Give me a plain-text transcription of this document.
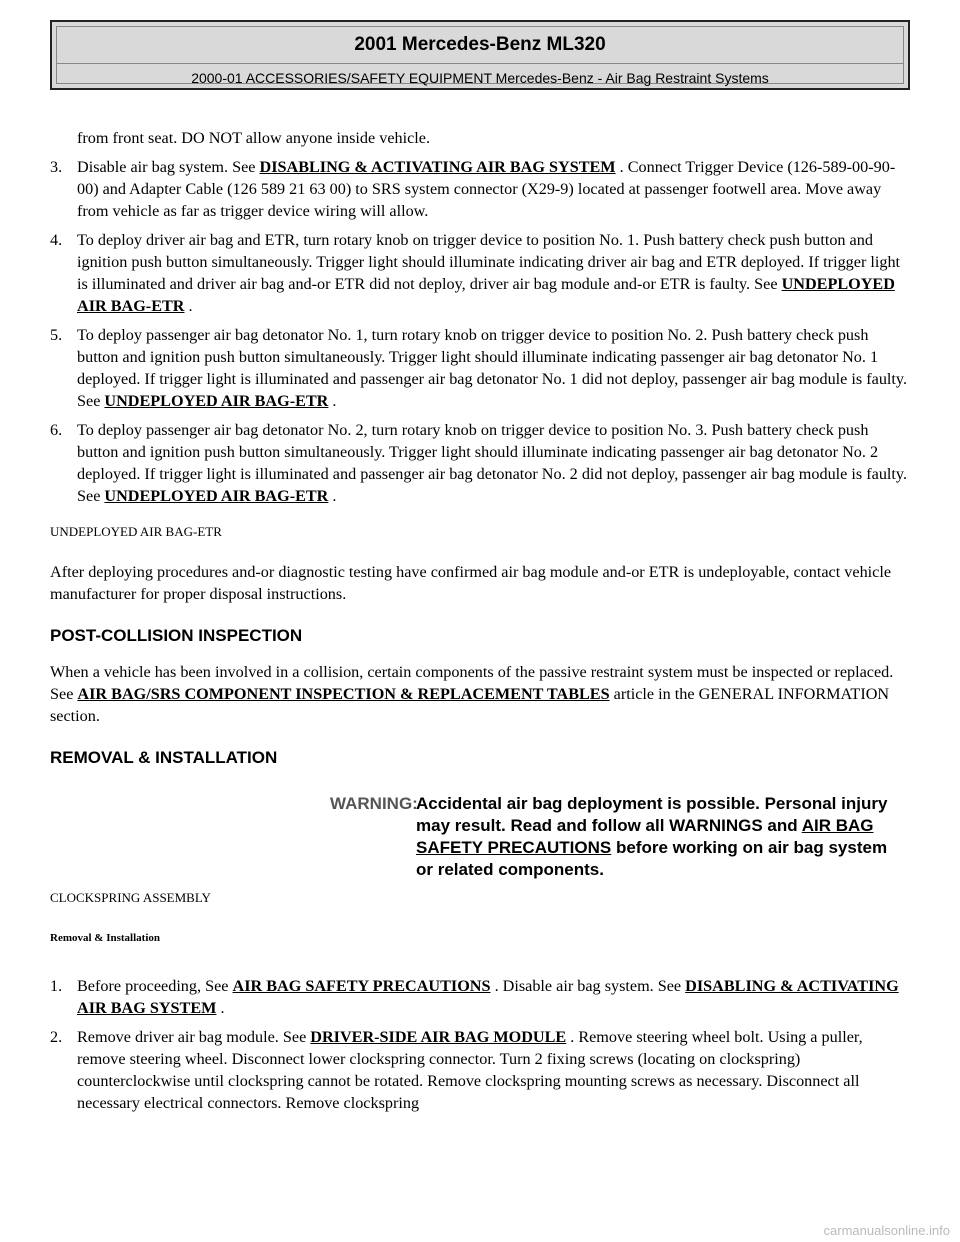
2001 Mercedes-Benz ML320
2000-01 ACCESSORIES/SAFETY EQUIPMENT Mercedes-Benz - Air Bag Restraint Systems

from front seat. DO NOT allow anyone inside vehicle.

3. Disable air bag system. See DISABLING & ACTIVATING AIR BAG SYSTEM . Connect Trigger Device (126-589-00-90-00) and Adapter Cable (126 589 21 63 00) to SRS system connector (X29-9) located at passenger footwell area. Move away from vehicle as far as trigger device wiring will allow.
4. To deploy driver air bag and ETR, turn rotary knob on trigger device to position No. 1. Push battery check push button and ignition push button simultaneously. Trigger light should illuminate indicating driver air bag and ETR deployed. If trigger light is illuminated and driver air bag and-or ETR did not deploy, driver air bag module and-or ETR is faulty. See UNDEPLOYED AIR BAG-ETR .
5. To deploy passenger air bag detonator No. 1, turn rotary knob on trigger device to position No. 2. Push battery check push button and ignition push button simultaneously. Trigger light should illuminate indicating passenger air bag detonator No. 1 deployed. If trigger light is illuminated and passenger air bag detonator No. 1 did not deploy, passenger air bag module is faulty. See UNDEPLOYED AIR BAG-ETR .
6. To deploy passenger air bag detonator No. 2, turn rotary knob on trigger device to position No. 3. Push battery check push button and ignition push button simultaneously. Trigger light should illuminate indicating passenger air bag detonator No. 2 deployed. If trigger light is illuminated and passenger air bag detonator No. 2 did not deploy, passenger air bag module is faulty. See UNDEPLOYED AIR BAG-ETR .

UNDEPLOYED AIR BAG-ETR

After deploying procedures and-or diagnostic testing have confirmed air bag module and-or ETR is undeployable, contact vehicle manufacturer for proper disposal instructions.

POST-COLLISION INSPECTION

When a vehicle has been involved in a collision, certain components of the passive restraint system must be inspected or replaced. See AIR BAG/SRS COMPONENT INSPECTION & REPLACEMENT TABLES article in the GENERAL INFORMATION section.

REMOVAL & INSTALLATION

WARNING:
Accidental air bag deployment is possible. Personal injury may result. Read and follow all WARNINGS and AIR BAG SAFETY PRECAUTIONS before working on air bag system or related components.

CLOCKSPRING ASSEMBLY

Removal & Installation

1. Before proceeding, See AIR BAG SAFETY PRECAUTIONS . Disable air bag system. See DISABLING & ACTIVATING AIR BAG SYSTEM .
2. Remove driver air bag module. See DRIVER-SIDE AIR BAG MODULE . Remove steering wheel bolt. Using a puller, remove steering wheel. Disconnect lower clockspring connector. Turn 2 fixing screws (locating on clockspring) counterclockwise until clockspring cannot be rotated. Remove clockspring mounting screws as necessary. Disconnect all necessary electrical connectors. Remove clockspring
carmanualsonline.info
